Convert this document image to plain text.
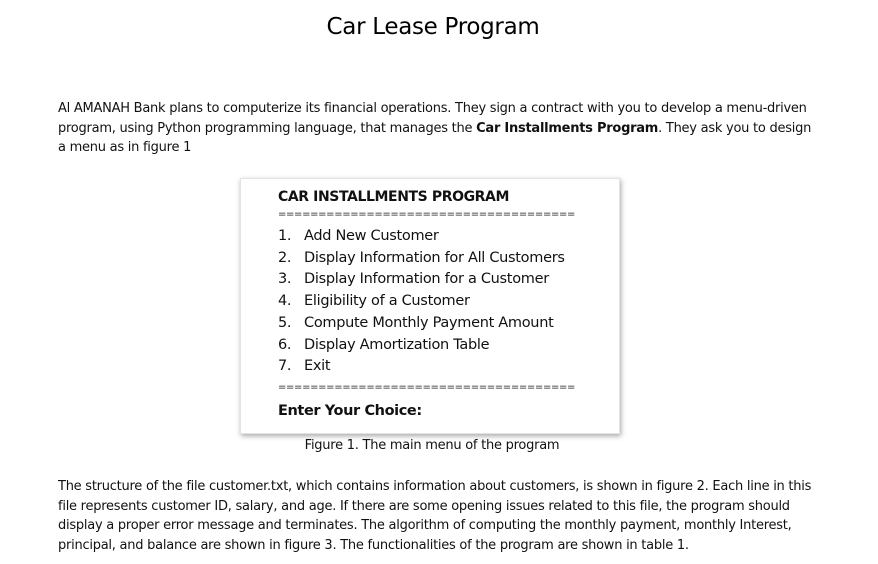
Car Lease Program
Al AMANAH Bank plans to computerize its financial operations. They sign a contract with you to develop a menu-driven program, using Python programming language, that manages the Car Installments Program. They ask you to design a menu as in figure 1
CAR INSTALLMENTS PROGRAM
=====================================
1. Add New Customer
2. Display Information for All Customers
3. Display Information for a Customer
4. Eligibility of a Customer
5. Compute Monthly Payment Amount
6. Display Amortization Table
7. Exit
=====================================
Enter Your Choice:
Figure 1. The main menu of the program
The structure of the file customer.txt, which contains information about customers, is shown in figure 2. Each line in this file represents customer ID, salary, and age. If there are some opening issues related to this file, the program should display a proper error message and terminates. The algorithm of computing the monthly payment, monthly Interest, principal, and balance are shown in figure 3. The functionalities of the program are shown in table 1.
